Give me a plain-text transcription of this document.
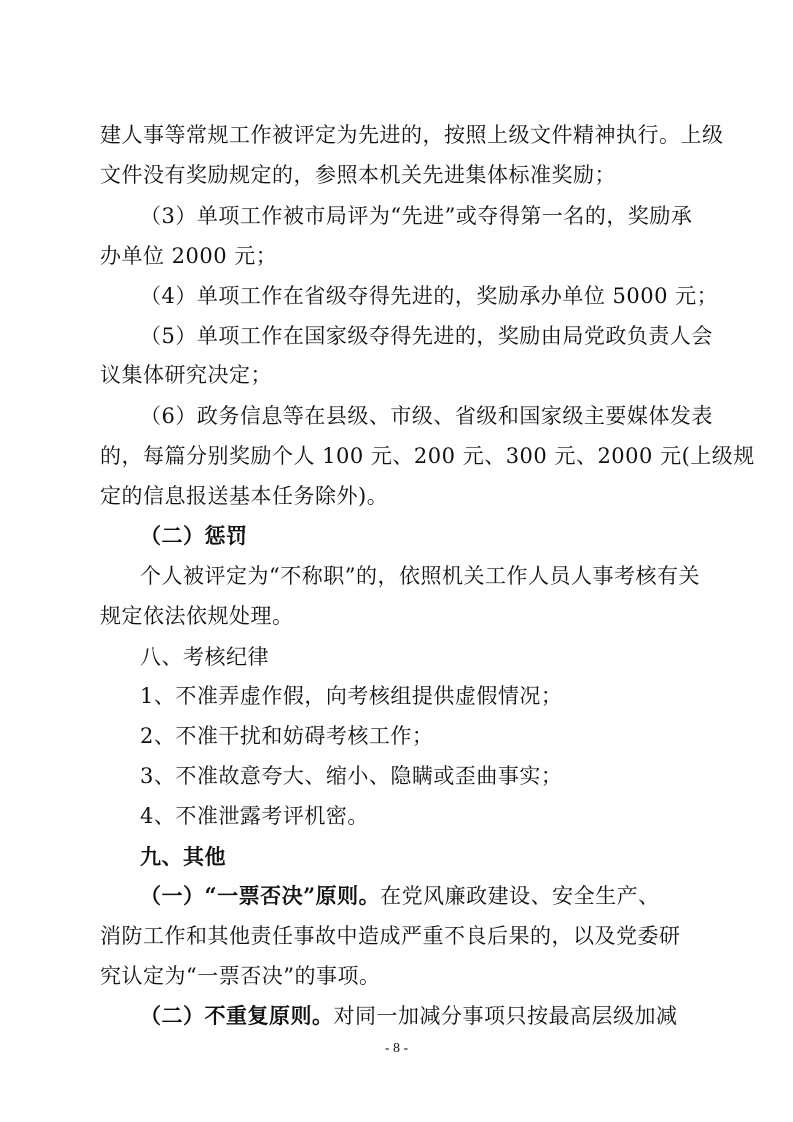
建人事等常规工作被评定为先进的，按照上级文件精神执行。上级

文件没有奖励规定的，参照本机关先进集体标准奖励；

（3）单项工作被市局评为“先进”或夺得第一名的，奖励承

办单位 2000 元；

（4）单项工作在省级夺得先进的，奖励承办单位 5000 元；

（5）单项工作在国家级夺得先进的，奖励由局党政负责人会

议集体研究决定；

（6）政务信息等在县级、市级、省级和国家级主要媒体发表

的，每篇分别奖励个人 100 元、200 元、300 元、2000 元(上级规

定的信息报送基本任务除外)。

（二）惩罚

个人被评定为“不称职”的，依照机关工作人员人事考核有关

规定依法依规处理。

八、考核纪律

1、不准弄虚作假，向考核组提供虚假情况；

2、不准干扰和妨碍考核工作；

3、不准故意夸大、缩小、隐瞒或歪曲事实；

4、不准泄露考评机密。

九、其他

（一）“一票否决”原则。在党风廉政建设、安全生产、

消防工作和其他责任事故中造成严重不良后果的，以及党委研

究认定为“一票否决”的事项。

（二）不重复原则。对同一加减分事项只按最高层级加减

- 8 -
